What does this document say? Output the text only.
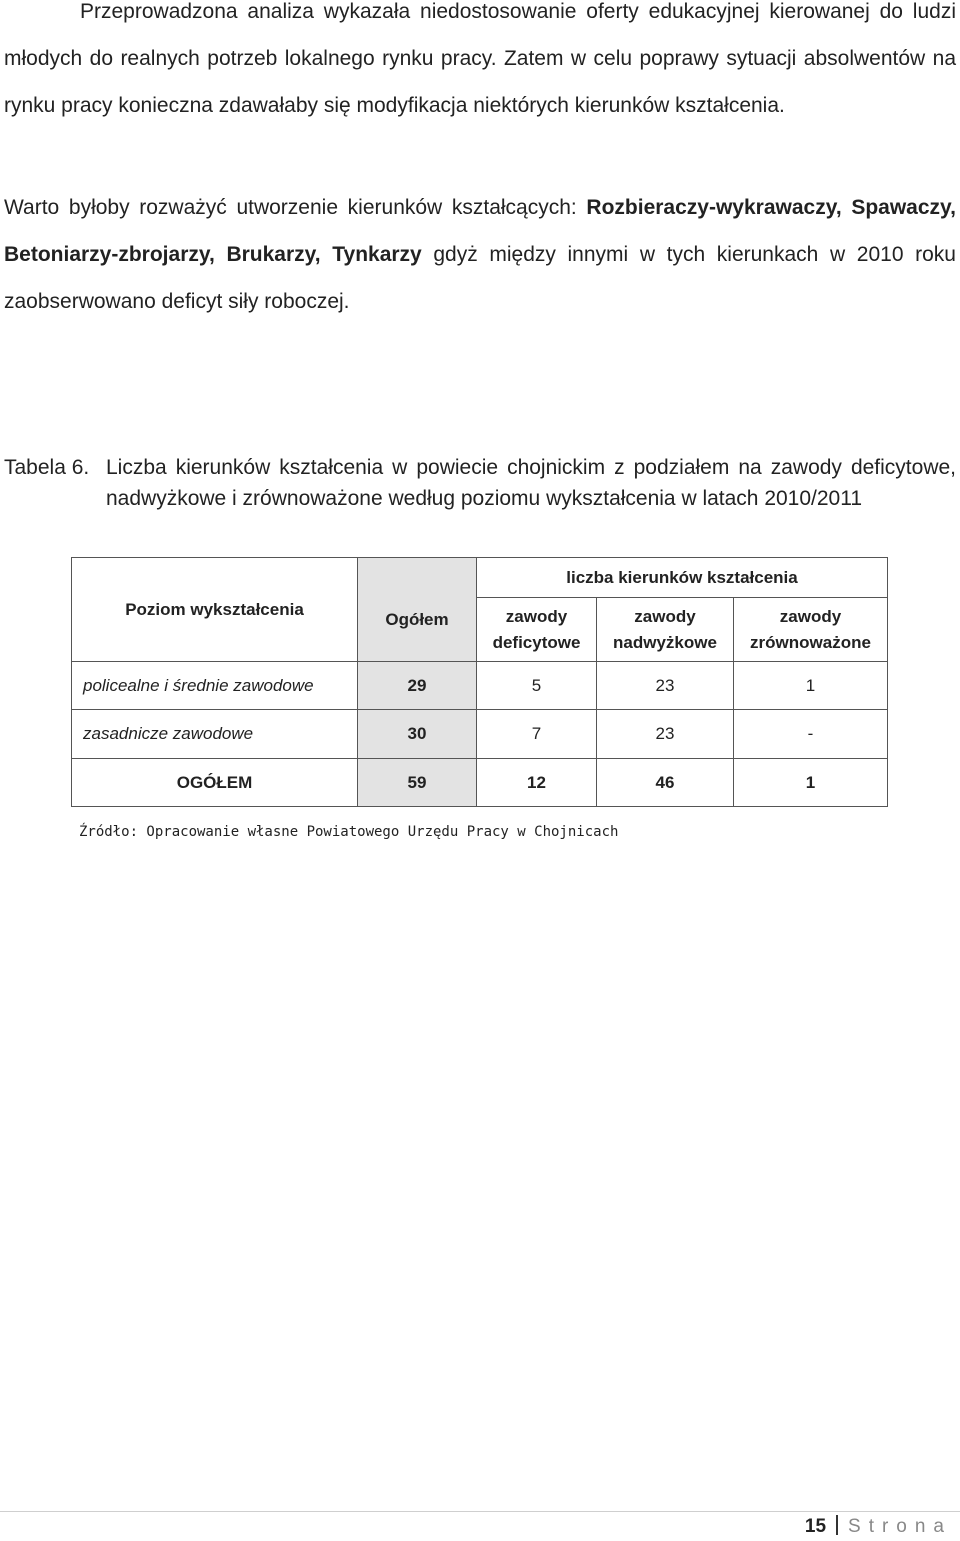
Przeprowadzona analiza wykazała niedostosowanie oferty edukacyjnej kierowanej do ludzi młodych do realnych potrzeb lokalnego rynku pracy. Zatem w celu poprawy sytuacji absolwentów na rynku pracy konieczna zdawałaby się modyfikacja niektórych kierunków kształcenia.
Warto byłoby rozważyć utworzenie kierunków kształcących: Rozbieraczy-wykrawaczy, Spawaczy, Betoniarzy-zbrojarzy, Brukarzy, Tynkarzy gdyż między innymi w tych kierunkach w 2010 roku zaobserwowano deficyt siły roboczej.
Tabela 6. Liczba kierunków kształcenia w powiecie chojnickim z podziałem na zawody deficytowe, nadwyżkowe i zrównoważone według poziomu wykształcenia w latach 2010/2011
Poziom wykształcenia	Ogółem	liczba kierunków kształcenia		
		zawody deficytowe	zawody nadwyżkowe	zawody zrównoważone
policealne i średnie zawodowe	29	5	23	1
zasadnicze zawodowe	30	7	23	-
OGÓŁEM	59	12	46	1
Źródło: Opracowanie własne Powiatowego Urzędu Pracy w Chojnicach
15 Strona
